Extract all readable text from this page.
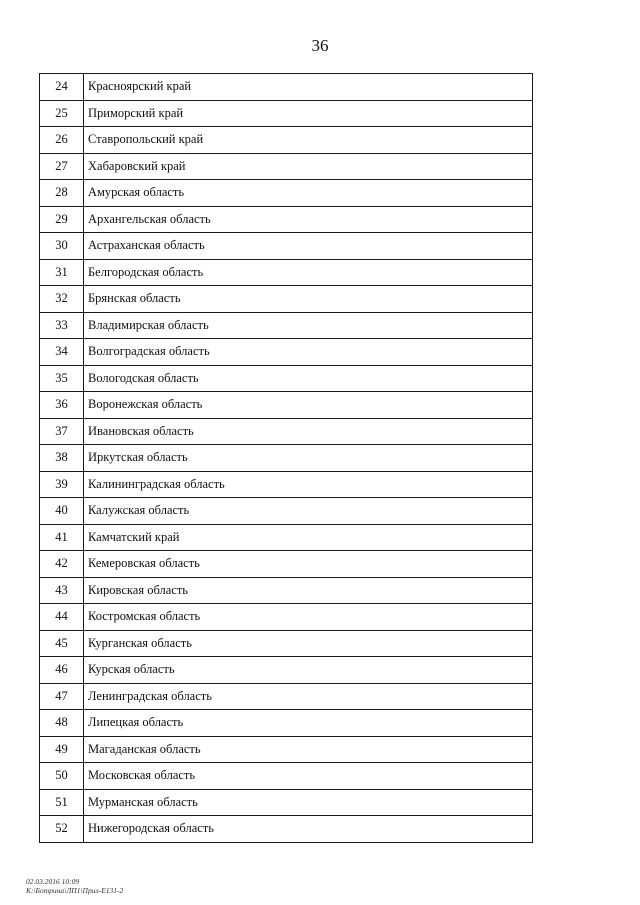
36
24	Красноярский край
25	Приморский край
26	Ставропольский край
27	Хабаровский край
28	Амурская область
29	Архангельская область
30	Астраханская область
31	Белгородская область
32	Брянская область
33	Владимирская область
34	Волгоградская область
35	Вологодская область
36	Воронежская область
37	Ивановская область
38	Иркутская область
39	Калининградская область
40	Калужская область
41	Камчатский край
42	Кемеровская область
43	Кировская область
44	Костромская область
45	Курганская область
46	Курская область
47	Ленинградская область
48	Липецкая область
49	Магаданская область
50	Московская область
51	Мурманская область
52	Нижегородская область
02.03.2016 10:09
К:\Ботрина\ЛП1\Прил-Е131-2
